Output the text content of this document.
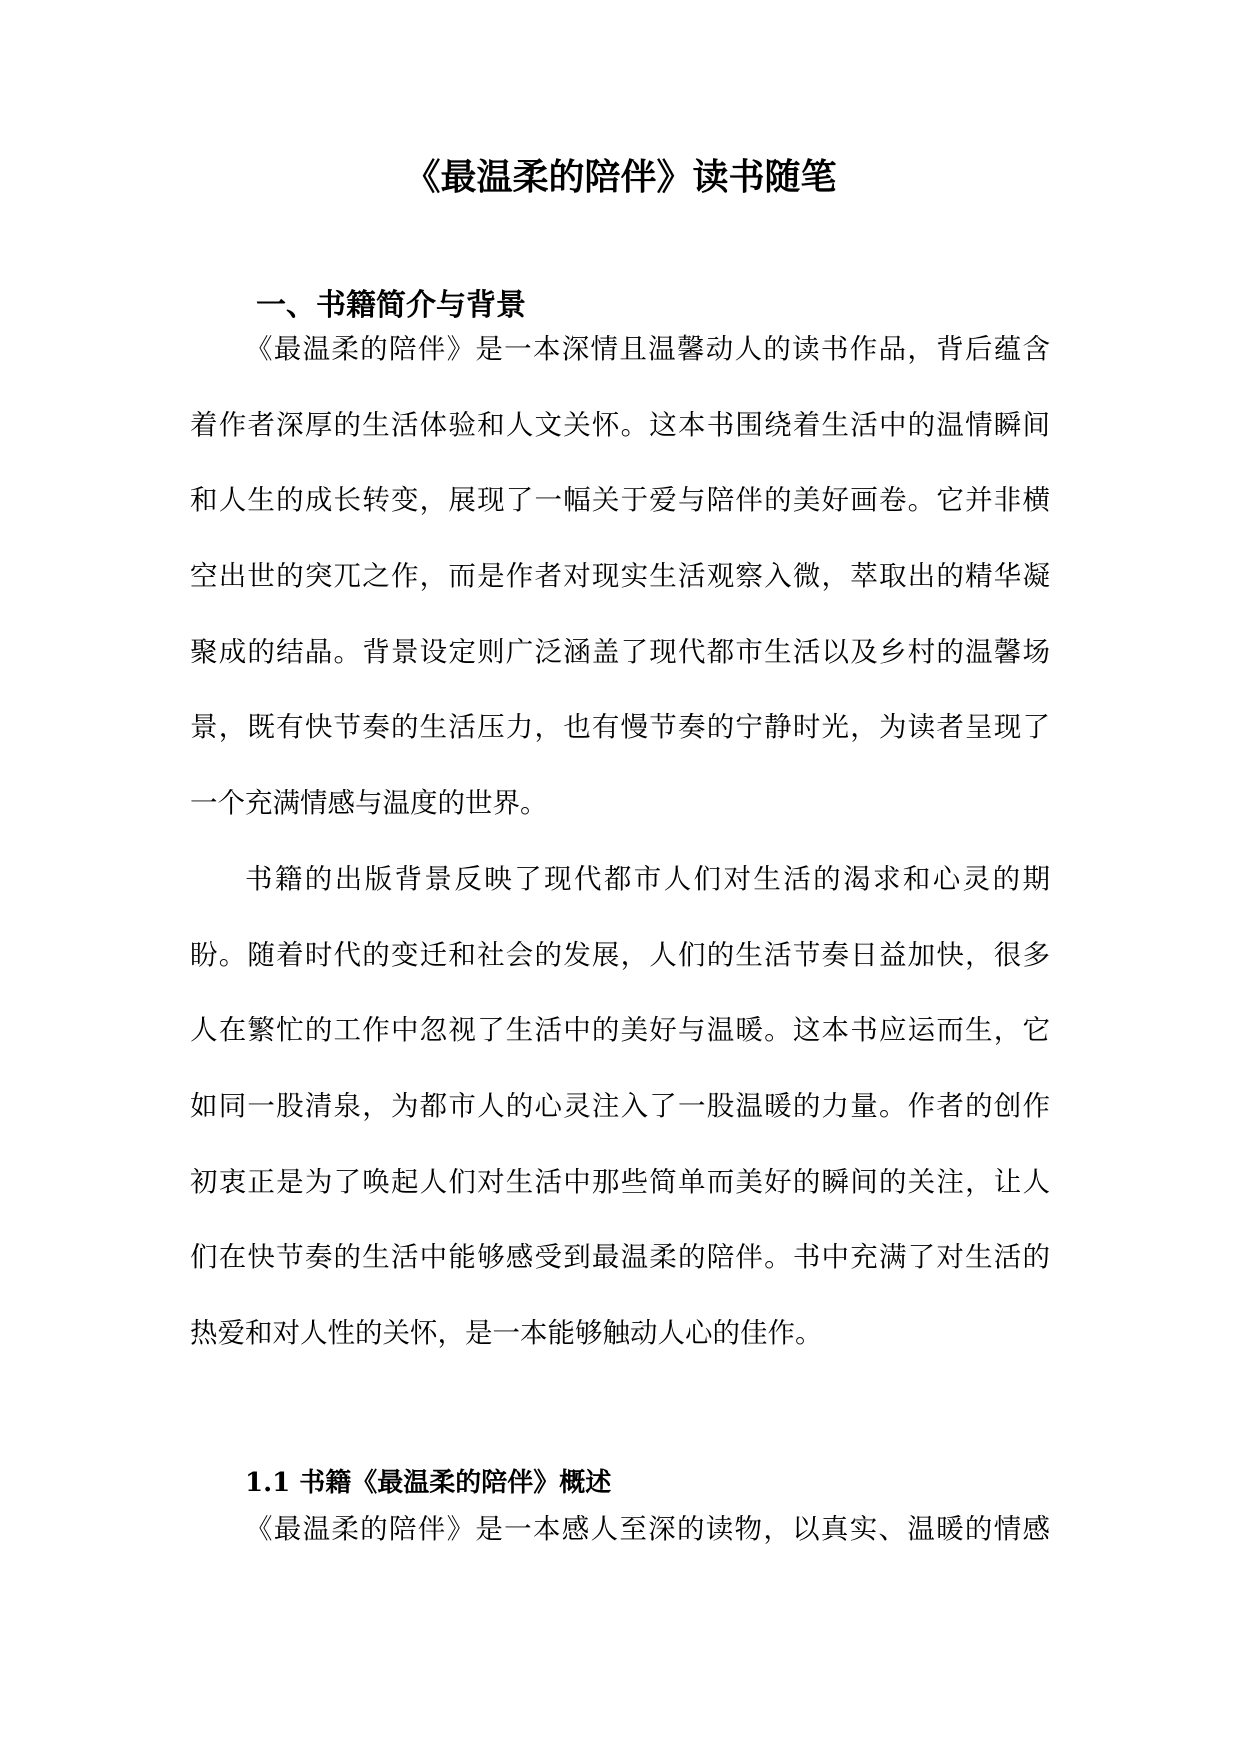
《最温柔的陪伴》读书随笔
一、书籍简介与背景

《最温柔的陪伴》是一本深情且温馨动人的读书作品，背后蕴含

着作者深厚的生活体验和人文关怀。这本书围绕着生活中的温情瞬间

和人生的成长转变，展现了一幅关于爱与陪伴的美好画卷。它并非横

空出世的突兀之作，而是作者对现实生活观察入微，萃取出的精华凝

聚成的结晶。背景设定则广泛涵盖了现代都市生活以及乡村的温馨场

景，既有快节奏的生活压力，也有慢节奏的宁静时光，为读者呈现了

一个充满情感与温度的世界。

书籍的出版背景反映了现代都市人们对生活的渴求和心灵的期

盼。随着时代的变迁和社会的发展，人们的生活节奏日益加快，很多

人在繁忙的工作中忽视了生活中的美好与温暖。这本书应运而生，它

如同一股清泉，为都市人的心灵注入了一股温暖的力量。作者的创作

初衷正是为了唤起人们对生活中那些简单而美好的瞬间的关注，让人

们在快节奏的生活中能够感受到最温柔的陪伴。书中充满了对生活的

热爱和对人性的关怀，是一本能够触动人心的佳作。

1.1 书籍《最温柔的陪伴》概述

《最温柔的陪伴》是一本感人至深的读物，以真实、温暖的情感
